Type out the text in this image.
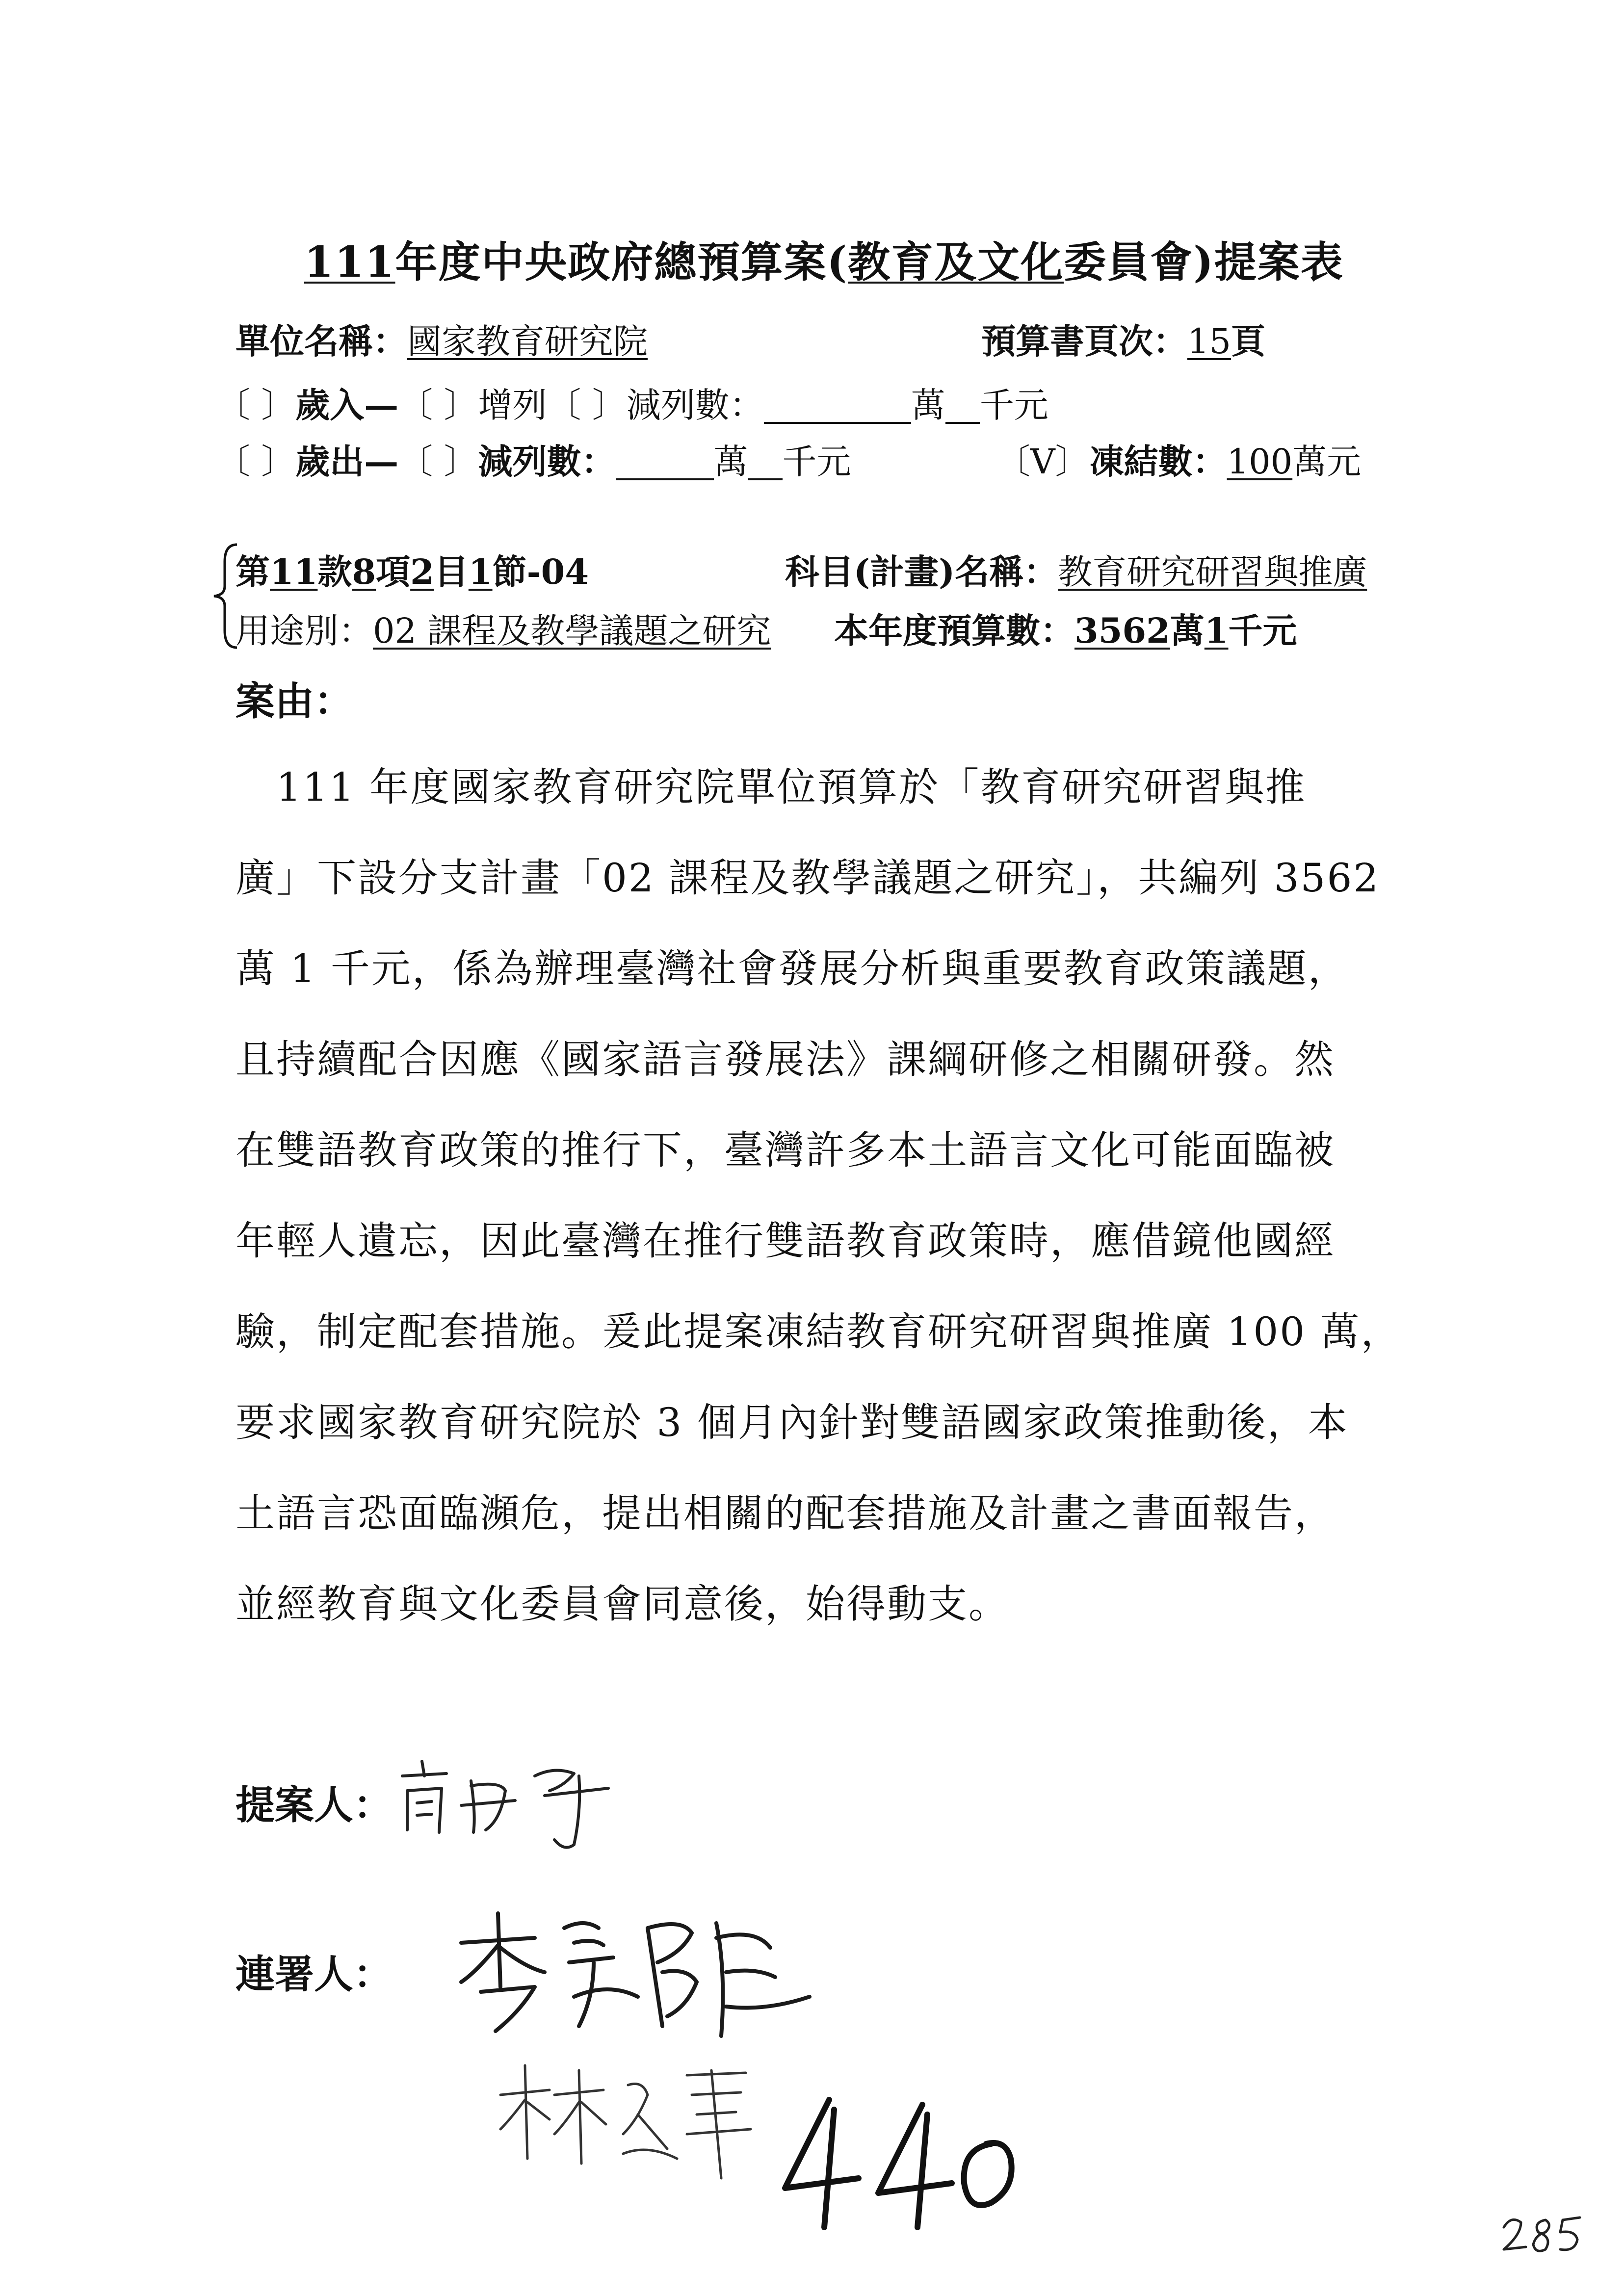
111年度中央政府總預算案(教育及文化委員會)提案表
單位名稱：國家教育研究院	預算書頁次：15頁
〔 〕歲入—〔 〕增列〔 〕減列數：	萬 千元
〔 〕歲出—〔 〕減列數：	萬 千元	〔V〕凍結數：100萬元
第11款8項2目1節-04	科目(計畫)名稱：教育研究研習與推廣
用途別：02 課程及教學議題之研究 本年度預算數：3562萬1千元
案由：
　111 年度國家教育研究院單位預算於「教育研究研習與推
廣」下設分支計畫「02 課程及教學議題之研究」，共編列 3562
萬 1 千元，係為辦理臺灣社會發展分析與重要教育政策議題，
且持續配合因應《國家語言發展法》課綱研修之相關研發。然
在雙語教育政策的推行下，臺灣許多本土語言文化可能面臨被
年輕人遺忘，因此臺灣在推行雙語教育政策時，應借鏡他國經
驗，制定配套措施。爰此提案凍結教育研究研習與推廣 100 萬，
要求國家教育研究院於 3 個月內針對雙語國家政策推動後，本
土語言恐面臨瀕危，提出相關的配套措施及計畫之書面報告，
並經教育與文化委員會同意後，始得動支。
提案人：
連署人：
